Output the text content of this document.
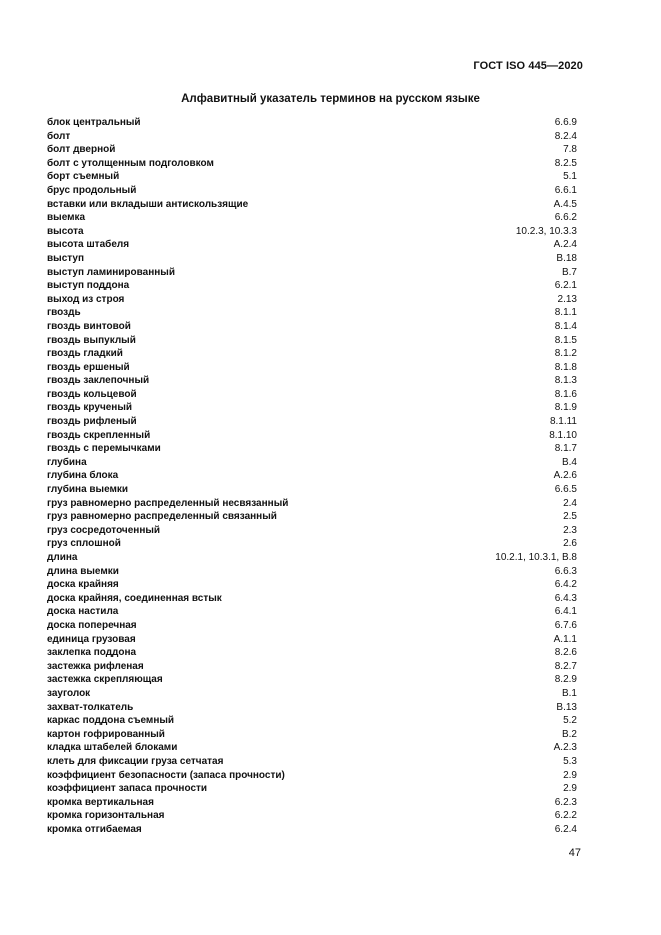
ГОСТ ISO 445—2020
Алфавитный указатель терминов на русском языке
блок центральный	6.6.9
болт	8.2.4
болт дверной	7.8
болт с утолщенным подголовком	8.2.5
борт съемный	5.1
брус продольный	6.6.1
вставки или вкладыши антискользящие	А.4.5
выемка	6.6.2
высота	10.2.3, 10.3.3
высота штабеля	А.2.4
выступ	В.18
выступ ламинированный	В.7
выступ поддона	6.2.1
выход из строя	2.13
гвоздь	8.1.1
гвоздь винтовой	8.1.4
гвоздь выпуклый	8.1.5
гвоздь гладкий	8.1.2
гвоздь ершеный	8.1.8
гвоздь заклепочный	8.1.3
гвоздь кольцевой	8.1.6
гвоздь крученый	8.1.9
гвоздь рифленый	8.1.11
гвоздь скрепленный	8.1.10
гвоздь с перемычками	8.1.7
глубина	В.4
глубина блока	А.2.6
глубина выемки	6.6.5
груз равномерно распределенный несвязанный	2.4
груз равномерно распределенный связанный	2.5
груз сосредоточенный	2.3
груз сплошной	2.6
длина	10.2.1, 10.3.1, В.8
длина выемки	6.6.3
доска крайняя	6.4.2
доска крайняя, соединенная встык	6.4.3
доска настила	6.4.1
доска поперечная	6.7.6
единица грузовая	А.1.1
заклепка поддона	8.2.6
застежка рифленая	8.2.7
застежка скрепляющая	8.2.9
зауголок	В.1
захват-толкатель	В.13
каркас поддона съемный	5.2
картон гофрированный	В.2
кладка штабелей блоками	А.2.3
клеть для фиксации груза сетчатая	5.3
коэффициент безопасности (запаса прочности)	2.9
коэффициент запаса прочности	2.9
кромка вертикальная	6.2.3
кромка горизонтальная	6.2.2
кромка отгибаемая	6.2.4
47
